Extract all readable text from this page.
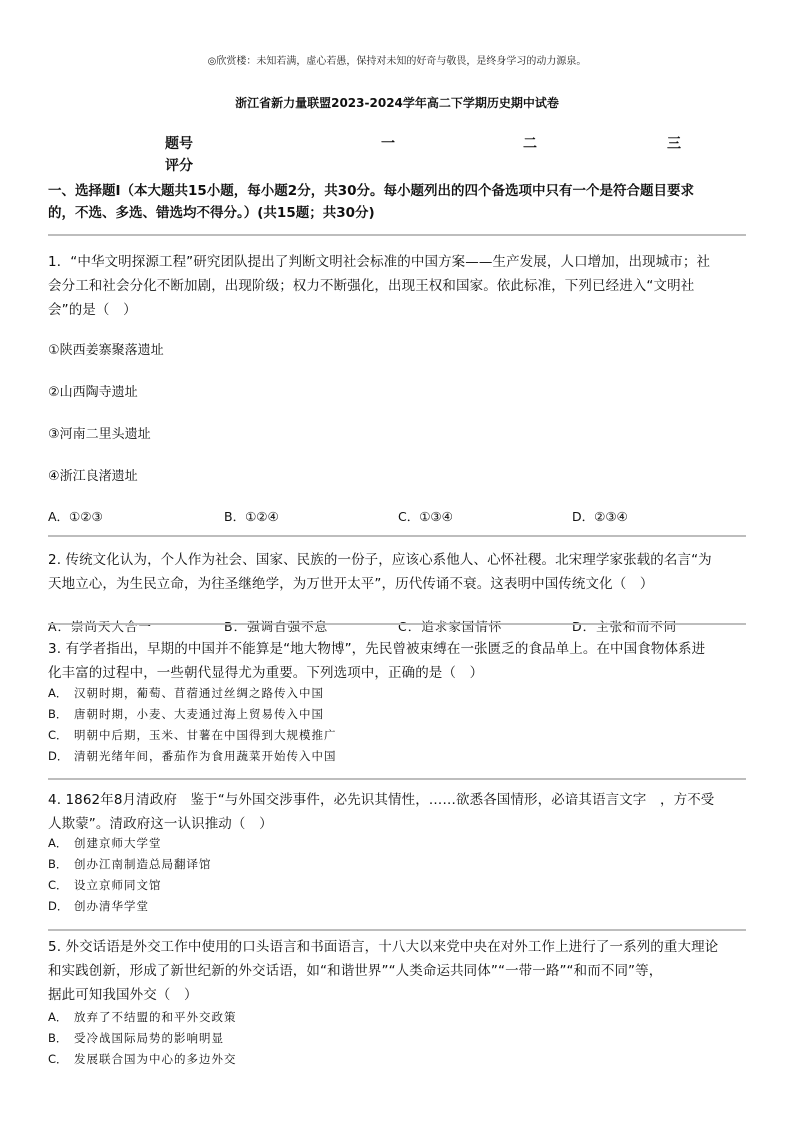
◎欣赏楼：未知若满，虚心若愚，保持对未知的好奇与敬畏，是终身学习的动力源泉。
浙江省新力量联盟2023-2024学年高二下学期历史期中试卷
题号	一	二	三
评分
一、选择题Ⅰ（本大题共15小题，每小题2分，共30分。每小题列出的四个备选项中只有一个是符合题目要求
的，不选、多选、错选均不得分。）(共15题；共30分)
1．“中华文明探源工程”研究团队提出了判断文明社会标准的中国方案——生产发展，人口增加，出现城市；社
会分工和社会分化不断加剧，出现阶级；权力不断强化，出现王权和国家。依此标准，下列已经进入“文明社
会”的是（　）
①陕西姜寨聚落遗址
②山西陶寺遗址
③河南二里头遗址
④浙江良渚遗址
A．①②③	B．①②④	C．①③④	D．②③④
2. 传统文化认为，个人作为社会、国家、民族的一份子，应该心系他人、心怀社稷。北宋理学家张载的名言“为
天地立心，为生民立命，为往圣继绝学，为万世开太平”，历代传诵不衰。这表明中国传统文化（　）
A．崇尚天人合一	B．强调自强不息	C．追求家国情怀	D．主张和而不同
3. 有学者指出，早期的中国并不能算是“地大物博”，先民曾被束缚在一张匮乏的食品单上。在中国食物体系进
化丰富的过程中，一些朝代显得尤为重要。下列选项中，正确的是（　）
A． 汉朝时期，葡萄、苜蓿通过丝绸之路传入中国
B． 唐朝时期，小麦、大麦通过海上贸易传入中国
C． 明朝中后期，玉米、甘薯在中国得到大规模推广
D． 清朝光绪年间，番茄作为食用蔬菜开始传入中国
4. 1862年8月清政府　鉴于“与外国交涉事件，必先识其情性，……欲悉各国情形，必谙其语言文字　，方不受
人欺蒙”。清政府这一认识推动（　）
A． 创建京师大学堂
B． 创办江南制造总局翻译馆
C． 设立京师同文馆
D． 创办清华学堂
5. 外交话语是外交工作中使用的口头语言和书面语言，十八大以来党中央在对外工作上进行了一系列的重大理论
和实践创新，形成了新世纪新的外交话语，如“和谐世界”“人类命运共同体”“一带一路”“和而不同”等，
据此可知我国外交（　）
A． 放弃了不结盟的和平外交政策
B． 受冷战国际局势的影响明显
C． 发展联合国为中心的多边外交
